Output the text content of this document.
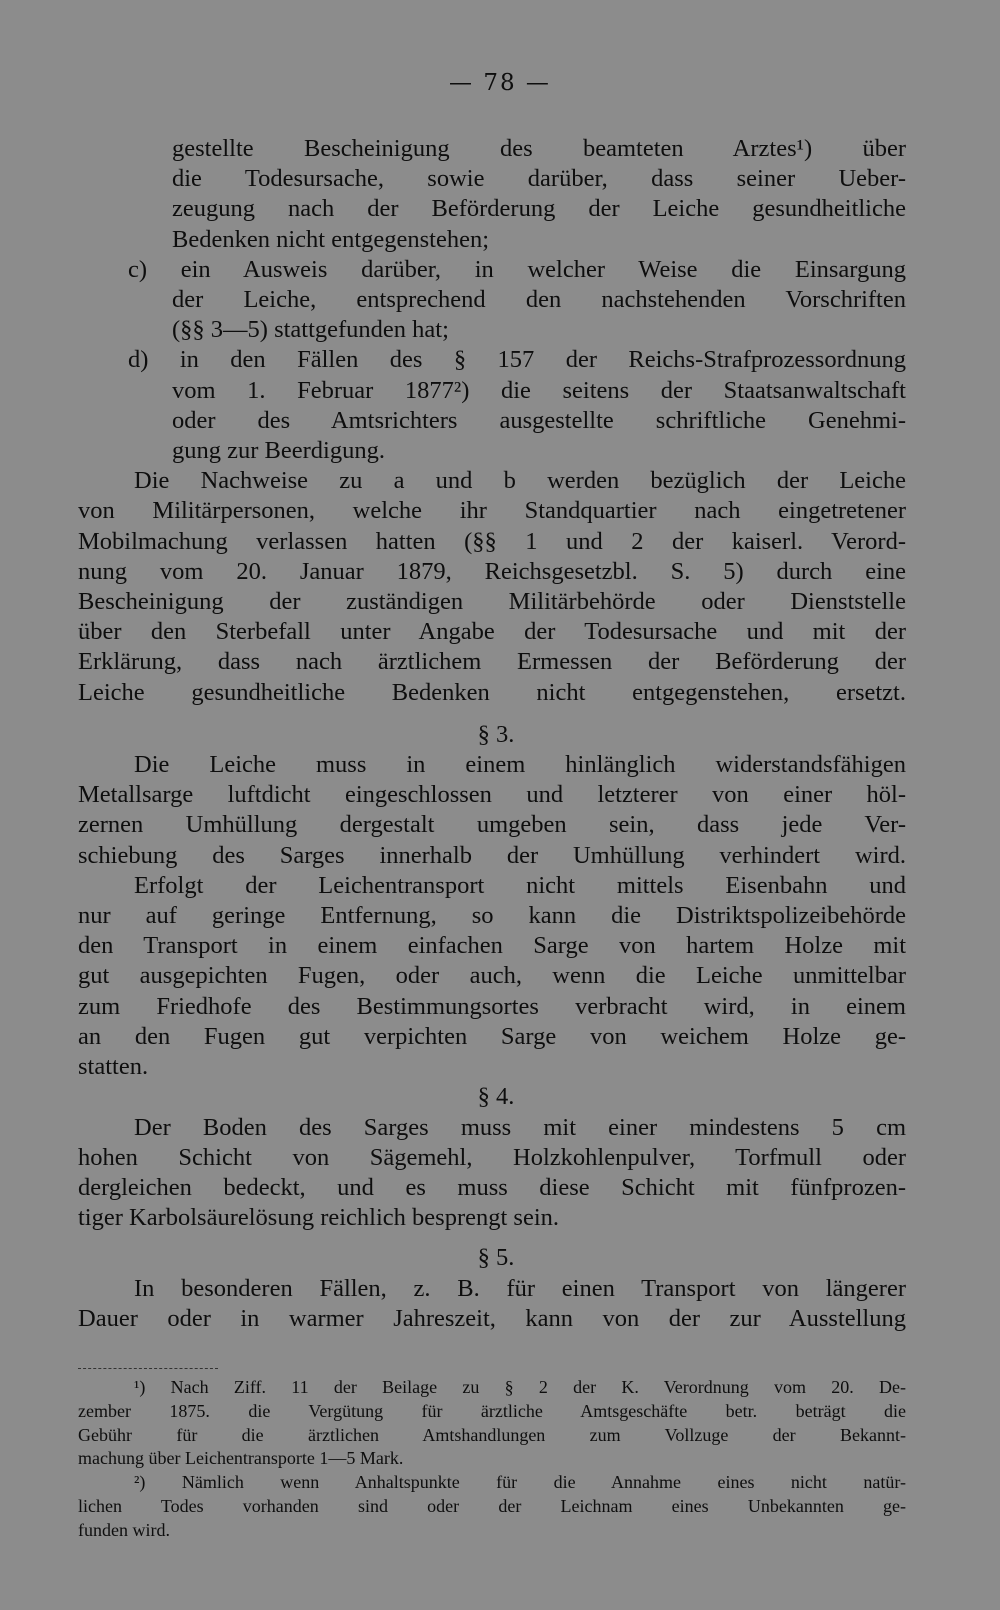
— 78 —
gestellte Bescheinigung des beamteten Arztes¹) über
die Todesursache, sowie darüber, dass seiner Ueber-
zeugung nach der Beförderung der Leiche gesundheitliche
Bedenken nicht entgegenstehen;
c) ein Ausweis darüber, in welcher Weise die Einsargung
der Leiche, entsprechend den nachstehenden Vorschriften
(§§ 3—5) stattgefunden hat;
d) in den Fällen des § 157 der Reichs-Strafprozessordnung
vom 1. Februar 1877²) die seitens der Staatsanwaltschaft
oder des Amtsrichters ausgestellte schriftliche Genehmi-
gung zur Beerdigung.
Die Nachweise zu a und b werden bezüglich der Leiche
von Militärpersonen, welche ihr Standquartier nach eingetretener
Mobilmachung verlassen hatten (§§ 1 und 2 der kaiserl. Verord-
nung vom 20. Januar 1879, Reichsgesetzbl. S. 5) durch eine
Bescheinigung der zuständigen Militärbehörde oder Dienststelle
über den Sterbefall unter Angabe der Todesursache und mit der
Erklärung, dass nach ärztlichem Ermessen der Beförderung der
Leiche gesundheitliche Bedenken nicht entgegenstehen, ersetzt.
§ 3.
Die Leiche muss in einem hinlänglich widerstandsfähigen
Metallsarge luftdicht eingeschlossen und letzterer von einer höl-
zernen Umhüllung dergestalt umgeben sein, dass jede Ver-
schiebung des Sarges innerhalb der Umhüllung verhindert wird.
Erfolgt der Leichentransport nicht mittels Eisenbahn und
nur auf geringe Entfernung, so kann die Distriktspolizeibehörde
den Transport in einem einfachen Sarge von hartem Holze mit
gut ausgepichten Fugen, oder auch, wenn die Leiche unmittelbar
zum Friedhofe des Bestimmungsortes verbracht wird, in einem
an den Fugen gut verpichten Sarge von weichem Holze ge-
statten.
§ 4.
Der Boden des Sarges muss mit einer mindestens 5 cm
hohen Schicht von Sägemehl, Holzkohlenpulver, Torfmull oder
dergleichen bedeckt, und es muss diese Schicht mit fünfprozen-
tiger Karbolsäurelösung reichlich besprengt sein.
§ 5.
In besonderen Fällen, z. B. für einen Transport von längerer
Dauer oder in warmer Jahreszeit, kann von der zur Ausstellung
¹) Nach Ziff. 11 der Beilage zu § 2 der K. Verordnung vom 20. De-
zember 1875. die Vergütung für ärztliche Amtsgeschäfte betr. beträgt die
Gebühr für die ärztlichen Amtshandlungen zum Vollzuge der Bekannt-
machung über Leichentransporte 1—5 Mark.
²) Nämlich wenn Anhaltspunkte für die Annahme eines nicht natür-
lichen Todes vorhanden sind oder der Leichnam eines Unbekannten ge-
funden wird.
